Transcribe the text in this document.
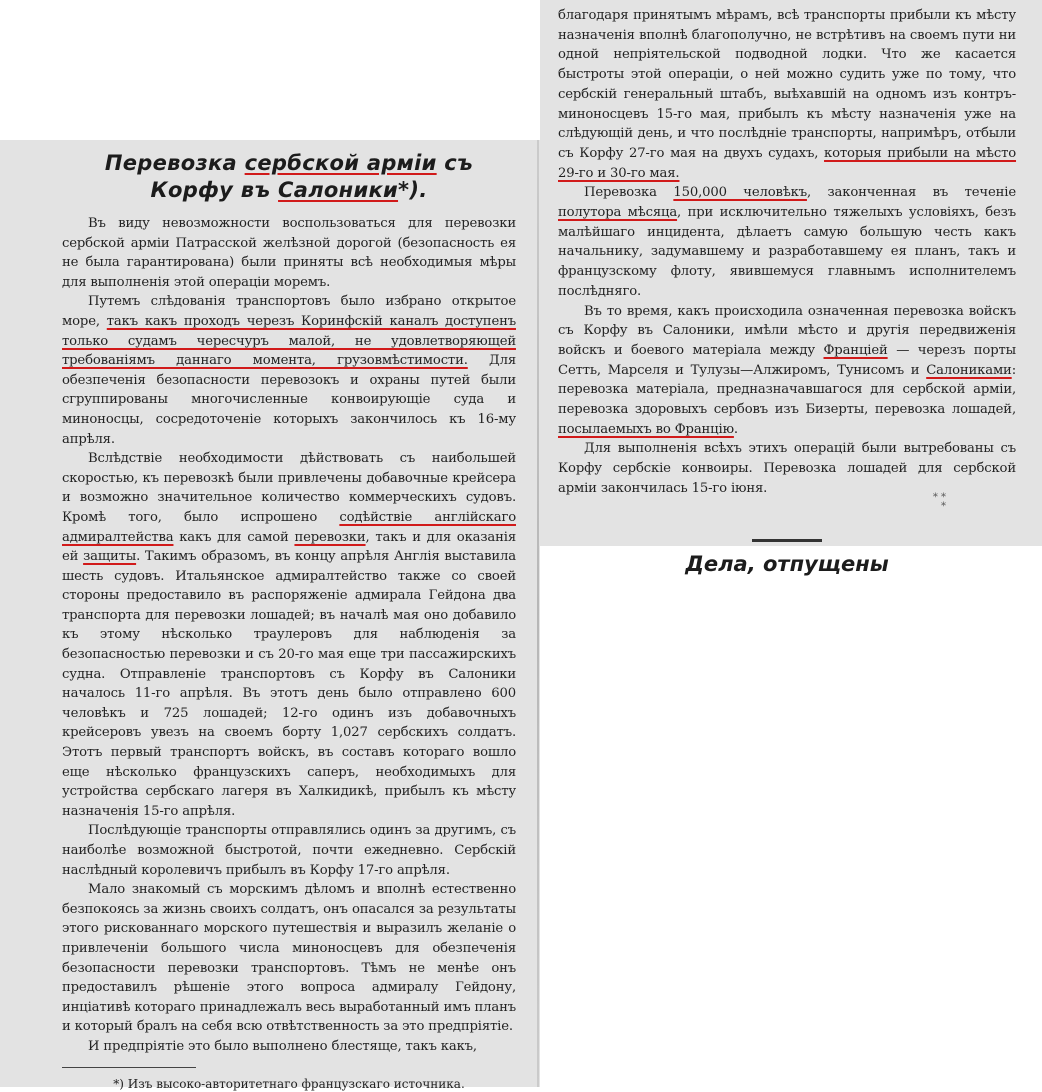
Перевозка сербской арміи съ Корфу въ Салоники*).

Въ виду невозможности воспользоваться для перевозки сербской арміи Патрасской желѣзной дорогой (безопасность ея не была гарантирована) были приняты всѣ необходимыя мѣры для выполненія этой операціи моремъ.

Путемъ слѣдованія транспортовъ было избрано открытое море, такъ какъ проходъ черезъ Коринфскій каналъ доступенъ только судамъ чересчуръ малой, не удовлетворяющей требованіямъ даннаго момента, грузовмѣстимости. Для обезпеченія безопасности перевозокъ и охраны путей были сгруппированы многочисленные конвоирующіе суда и миноносцы, сосредоточеніе которыхъ закончилось къ 16-му апрѣля.

Вслѣдствіе необходимости дѣйствовать съ наибольшей скоростью, къ перевозкѣ были привлечены добавочные крейсера и возможно значительное количество коммерческихъ судовъ. Кромѣ того, было испрошено содѣйствіе англійскаго адмиралтейства какъ для самой перевозки, такъ и для оказанія ей защиты. Такимъ образомъ, въ концу апрѣля Англія выставила шесть судовъ. Итальянское адмиралтейство также со своей стороны предоставило въ распоряженіе адмирала Гейдона два транспорта для перевозки лошадей; въ началѣ мая оно добавило къ этому нѣсколько траулеровъ для наблюденія за безопасностью перевозки и съ 20-го мая еще три пассажирскихъ судна. Отправленіе транспортовъ съ Корфу въ Салоники началось 11-го апрѣля. Въ этотъ день было отправлено 600 человѣкъ и 725 лошадей; 12-го одинъ изъ добавочныхъ крейсеровъ увезъ на своемъ борту 1,027 сербскихъ солдатъ. Этотъ первый транспортъ войскъ, въ составъ котораго вошло еще нѣсколько французскихъ саперъ, необходимыхъ для устройства сербскаго лагеря въ Халкидикѣ, прибылъ къ мѣсту назначенія 15-го апрѣля.

Послѣдующіе транспорты отправлялись одинъ за другимъ, съ наиболѣе возможной быстротой, почти ежедневно. Сербскій наслѣдный королевичъ прибылъ въ Корфу 17-го апрѣля.

Мало знакомый съ морскимъ дѣломъ и вполнѣ естественно безпокоясь за жизнь своихъ солдатъ, онъ опасался за результаты этого рискованнаго морского путешествія и выразилъ желаніе о привлеченіи большого числа миноносцевъ для обезпеченія безопасности перевозки транспортовъ. Тѣмъ не менѣе онъ предоставилъ рѣшеніе этого вопроса адмиралу Гейдону, инціативѣ котораго принадлежалъ весь выработанный имъ планъ и который бралъ на себя всю отвѣтственность за это предпріятіе.

И предпріятіе это было выполнено блестяще, такъ какъ,

*) Изъ высоко-авторитетнаго французскаго источника.

благодаря принятымъ мѣрамъ, всѣ транспорты прибыли къ мѣсту назначенія вполнѣ благополучно, не встрѣтивъ на своемъ пути ни одной непріятельской подводной лодки. Что же касается быстроты этой операціи, о ней можно судить уже по тому, что сербскій генеральный штабъ, выѣхавшій на одномъ изъ контръ-миноносцевъ 15-го мая, прибылъ къ мѣсту назначенія уже на слѣдующій день, и что послѣдніе транспорты, напримѣръ, отбыли съ Корфу 27-го мая на двухъ судахъ, которыя прибыли на мѣсто 29-го и 30-го мая.

Перевозка 150,000 человѣкъ, законченная въ теченіе полутора мѣсяца, при исключительно тяжелыхъ условіяхъ, безъ малѣйшаго инцидента, дѣлаетъ самую большую честь какъ начальнику, задумавшему и разработавшему ея планъ, такъ и французскому флоту, явившемуся главнымъ исполнителемъ послѣдняго.

Въ то время, какъ происходила означенная перевозка войскъ съ Корфу въ Салоники, имѣли мѣсто и другія передвиженія войскъ и боевого матеріала между Франціей — черезъ порты Сетть, Марселя и Тулузы—Алжиромъ, Тунисомъ и Салониками: перевозка матеріала, предназначавшагося для сербской арміи, перевозка здоровыхъ сербовъ изъ Бизерты, перевозка лошадей, посылаемыхъ во Францію.

Для выполненія всѣхъ этихъ операцій были вытребованы съ Корфу сербскіе конвоиры. Перевозка лошадей для сербской арміи закончилась 15-го іюня.

* *
*
Дела, отпущены
